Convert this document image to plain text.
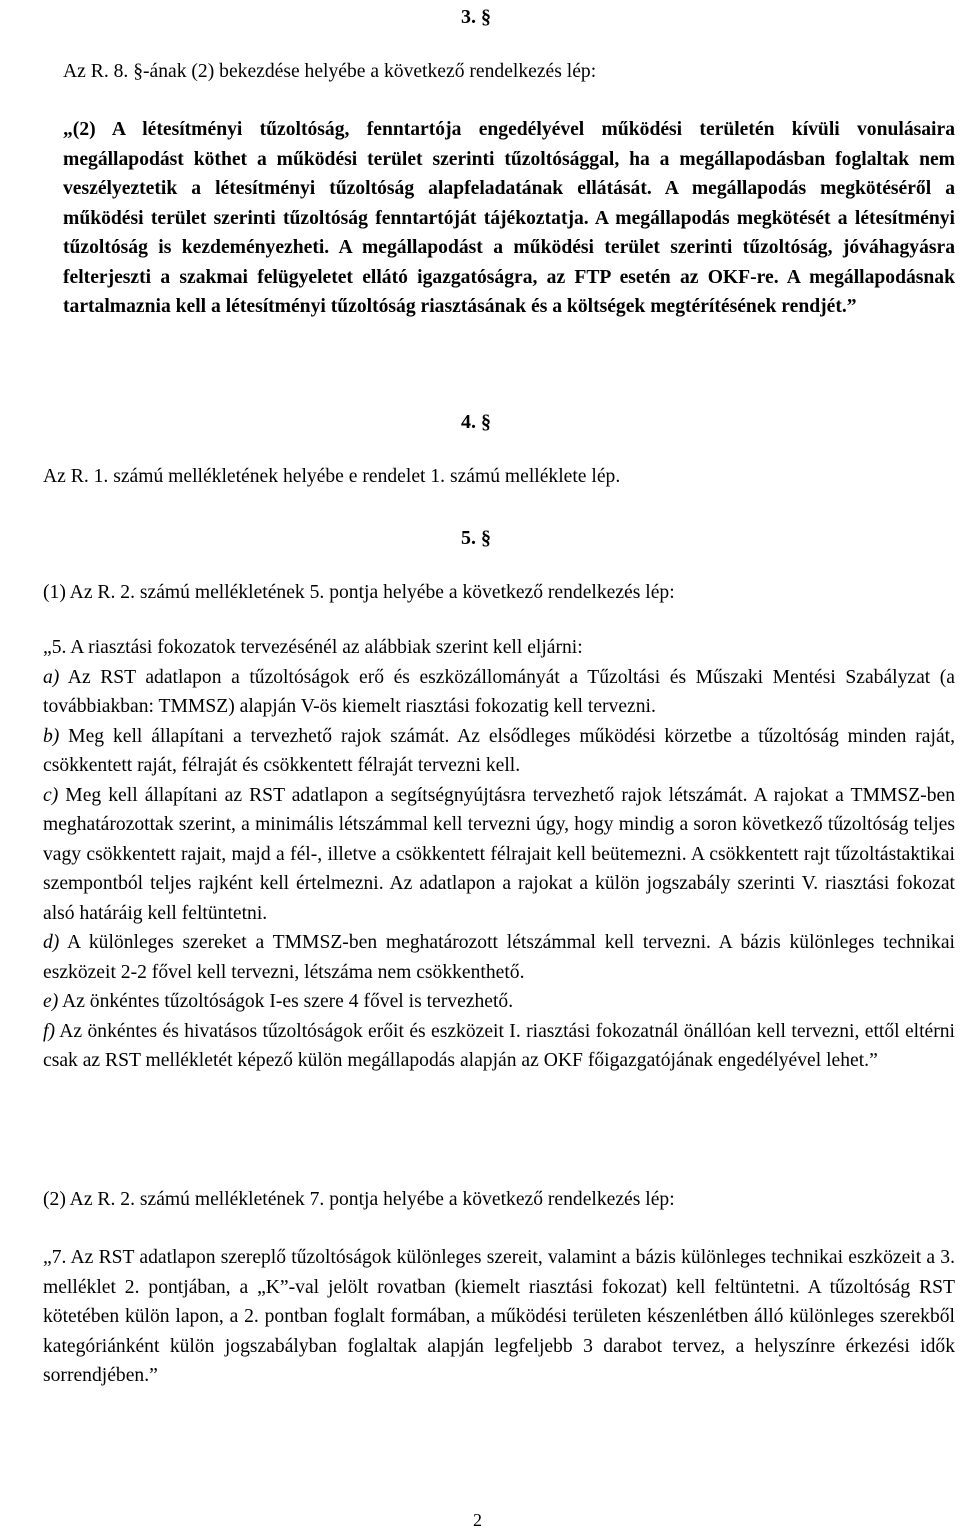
3. §

Az R. 8. §-ának (2) bekezdése helyébe a következő rendelkezés lép:

„(2) A létesítményi tűzoltóság, fenntartója engedélyével működési területén kívüli vonulásaira megállapodást köthet a működési terület szerinti tűzoltósággal, ha a megállapodásban foglaltak nem veszélyeztetik a létesítményi tűzoltóság alapfeladatának ellátását. A megállapodás megkötéséről a működési terület szerinti tűzoltóság fenntartóját tájékoztatja. A megállapodás megkötését a létesítményi tűzoltóság is kezdeményezheti. A megállapodást a működési terület szerinti tűzoltóság, jóváhagyásra felterjeszti a szakmai felügyeletet ellátó igazgatóságra, az FTP esetén az OKF-re. A megállapodásnak tartalmaznia kell a létesítményi tűzoltóság riasztásának és a költségek megtérítésének rendjét.”

4. §

Az R. 1. számú mellékletének helyébe e rendelet 1. számú melléklete lép.

5. §

(1) Az R. 2. számú mellékletének 5. pontja helyébe a következő rendelkezés lép:

„5. A riasztási fokozatok tervezésénél az alábbiak szerint kell eljárni:

a) Az RST adatlapon a tűzoltóságok erő és eszközállományát a Tűzoltási és Műszaki Mentési Szabályzat (a továbbiakban: TMMSZ) alapján V-ös kiemelt riasztási fokozatig kell tervezni.

b) Meg kell állapítani a tervezhető rajok számát. Az elsődleges működési körzetbe a tűzoltóság minden raját, csökkentett raját, félraját és csökkentett félraját tervezni kell.

c) Meg kell állapítani az RST adatlapon a segítségnyújtásra tervezhető rajok létszámát. A rajokat a TMMSZ-ben meghatározottak szerint, a minimális létszámmal kell tervezni úgy, hogy mindig a soron következő tűzoltóság teljes vagy csökkentett rajait, majd a fél-, illetve a csökkentett félrajait kell beütemezni. A csökkentett rajt tűzoltástaktikai szempontból teljes rajként kell értelmezni. Az adatlapon a rajokat a külön jogszabály szerinti V. riasztási fokozat alsó határáig kell feltüntetni.

d) A különleges szereket a TMMSZ-ben meghatározott létszámmal kell tervezni. A bázis különleges technikai eszközeit 2-2 fővel kell tervezni, létszáma nem csökkenthető.

e) Az önkéntes tűzoltóságok I-es szere 4 fővel is tervezhető.

f) Az önkéntes és hivatásos tűzoltóságok erőit és eszközeit I. riasztási fokozatnál önállóan kell tervezni, ettől eltérni csak az RST mellékletét képező külön megállapodás alapján az OKF főigazgatójának engedélyével lehet.”

(2) Az R. 2. számú mellékletének 7. pontja helyébe a következő rendelkezés lép:

„7. Az RST adatlapon szereplő tűzoltóságok különleges szereit, valamint a bázis különleges technikai eszközeit a 3. melléklet 2. pontjában, a „K”-val jelölt rovatban (kiemelt riasztási fokozat) kell feltüntetni. A tűzoltóság RST kötetében külön lapon, a 2. pontban foglalt formában, a működési területen készenlétben álló különleges szerekből kategóriánként külön jogszabályban foglaltak alapján legfeljebb 3 darabot tervez, a helyszínre érkezési idők sorrendjében.”

2
